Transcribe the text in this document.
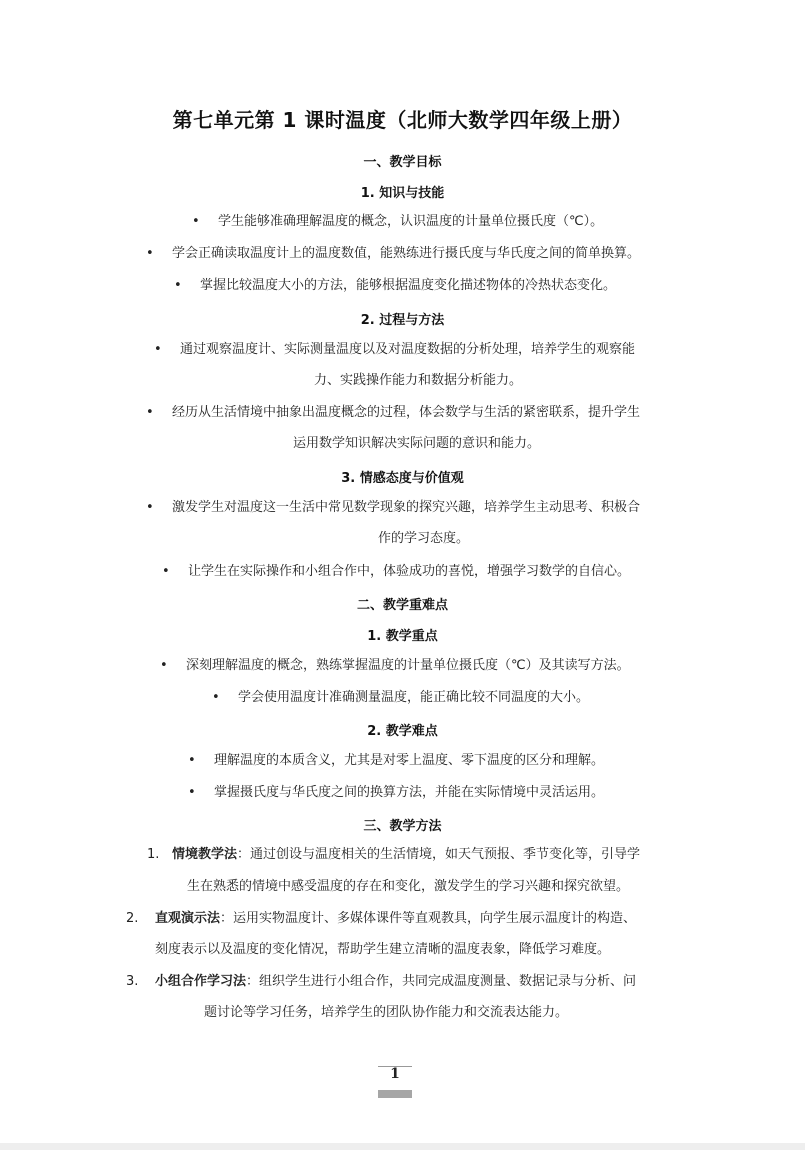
第七单元第 1 课时温度（北师大数学四年级上册）
一、教学目标
1. 知识与技能
• 学生能够准确理解温度的概念，认识温度的计量单位摄氏度（℃）。
• 学会正确读取温度计上的温度数值，能熟练进行摄氏度与华氏度之间的简单换算。
• 掌握比较温度大小的方法，能够根据温度变化描述物体的冷热状态变化。
2. 过程与方法
• 通过观察温度计、实际测量温度以及对温度数据的分析处理，培养学生的观察能
力、实践操作能力和数据分析能力。
• 经历从生活情境中抽象出温度概念的过程，体会数学与生活的紧密联系，提升学生
运用数学知识解决实际问题的意识和能力。
3. 情感态度与价值观
• 激发学生对温度这一生活中常见数学现象的探究兴趣，培养学生主动思考、积极合
作的学习态度。
• 让学生在实际操作和小组合作中，体验成功的喜悦，增强学习数学的自信心。
二、教学重难点
1. 教学重点
• 深刻理解温度的概念，熟练掌握温度的计量单位摄氏度（℃）及其读写方法。
• 学会使用温度计准确测量温度，能正确比较不同温度的大小。
2. 教学难点
• 理解温度的本质含义，尤其是对零上温度、零下温度的区分和理解。
• 掌握摄氏度与华氏度之间的换算方法，并能在实际情境中灵活运用。
三、教学方法
1. 情境教学法：通过创设与温度相关的生活情境，如天气预报、季节变化等，引导学
生在熟悉的情境中感受温度的存在和变化，激发学生的学习兴趣和探究欲望。
2. 直观演示法：运用实物温度计、多媒体课件等直观教具，向学生展示温度计的构造、
刻度表示以及温度的变化情况，帮助学生建立清晰的温度表象，降低学习难度。
3. 小组合作学习法：组织学生进行小组合作，共同完成温度测量、数据记录与分析、问
题讨论等学习任务，培养学生的团队协作能力和交流表达能力。
1
